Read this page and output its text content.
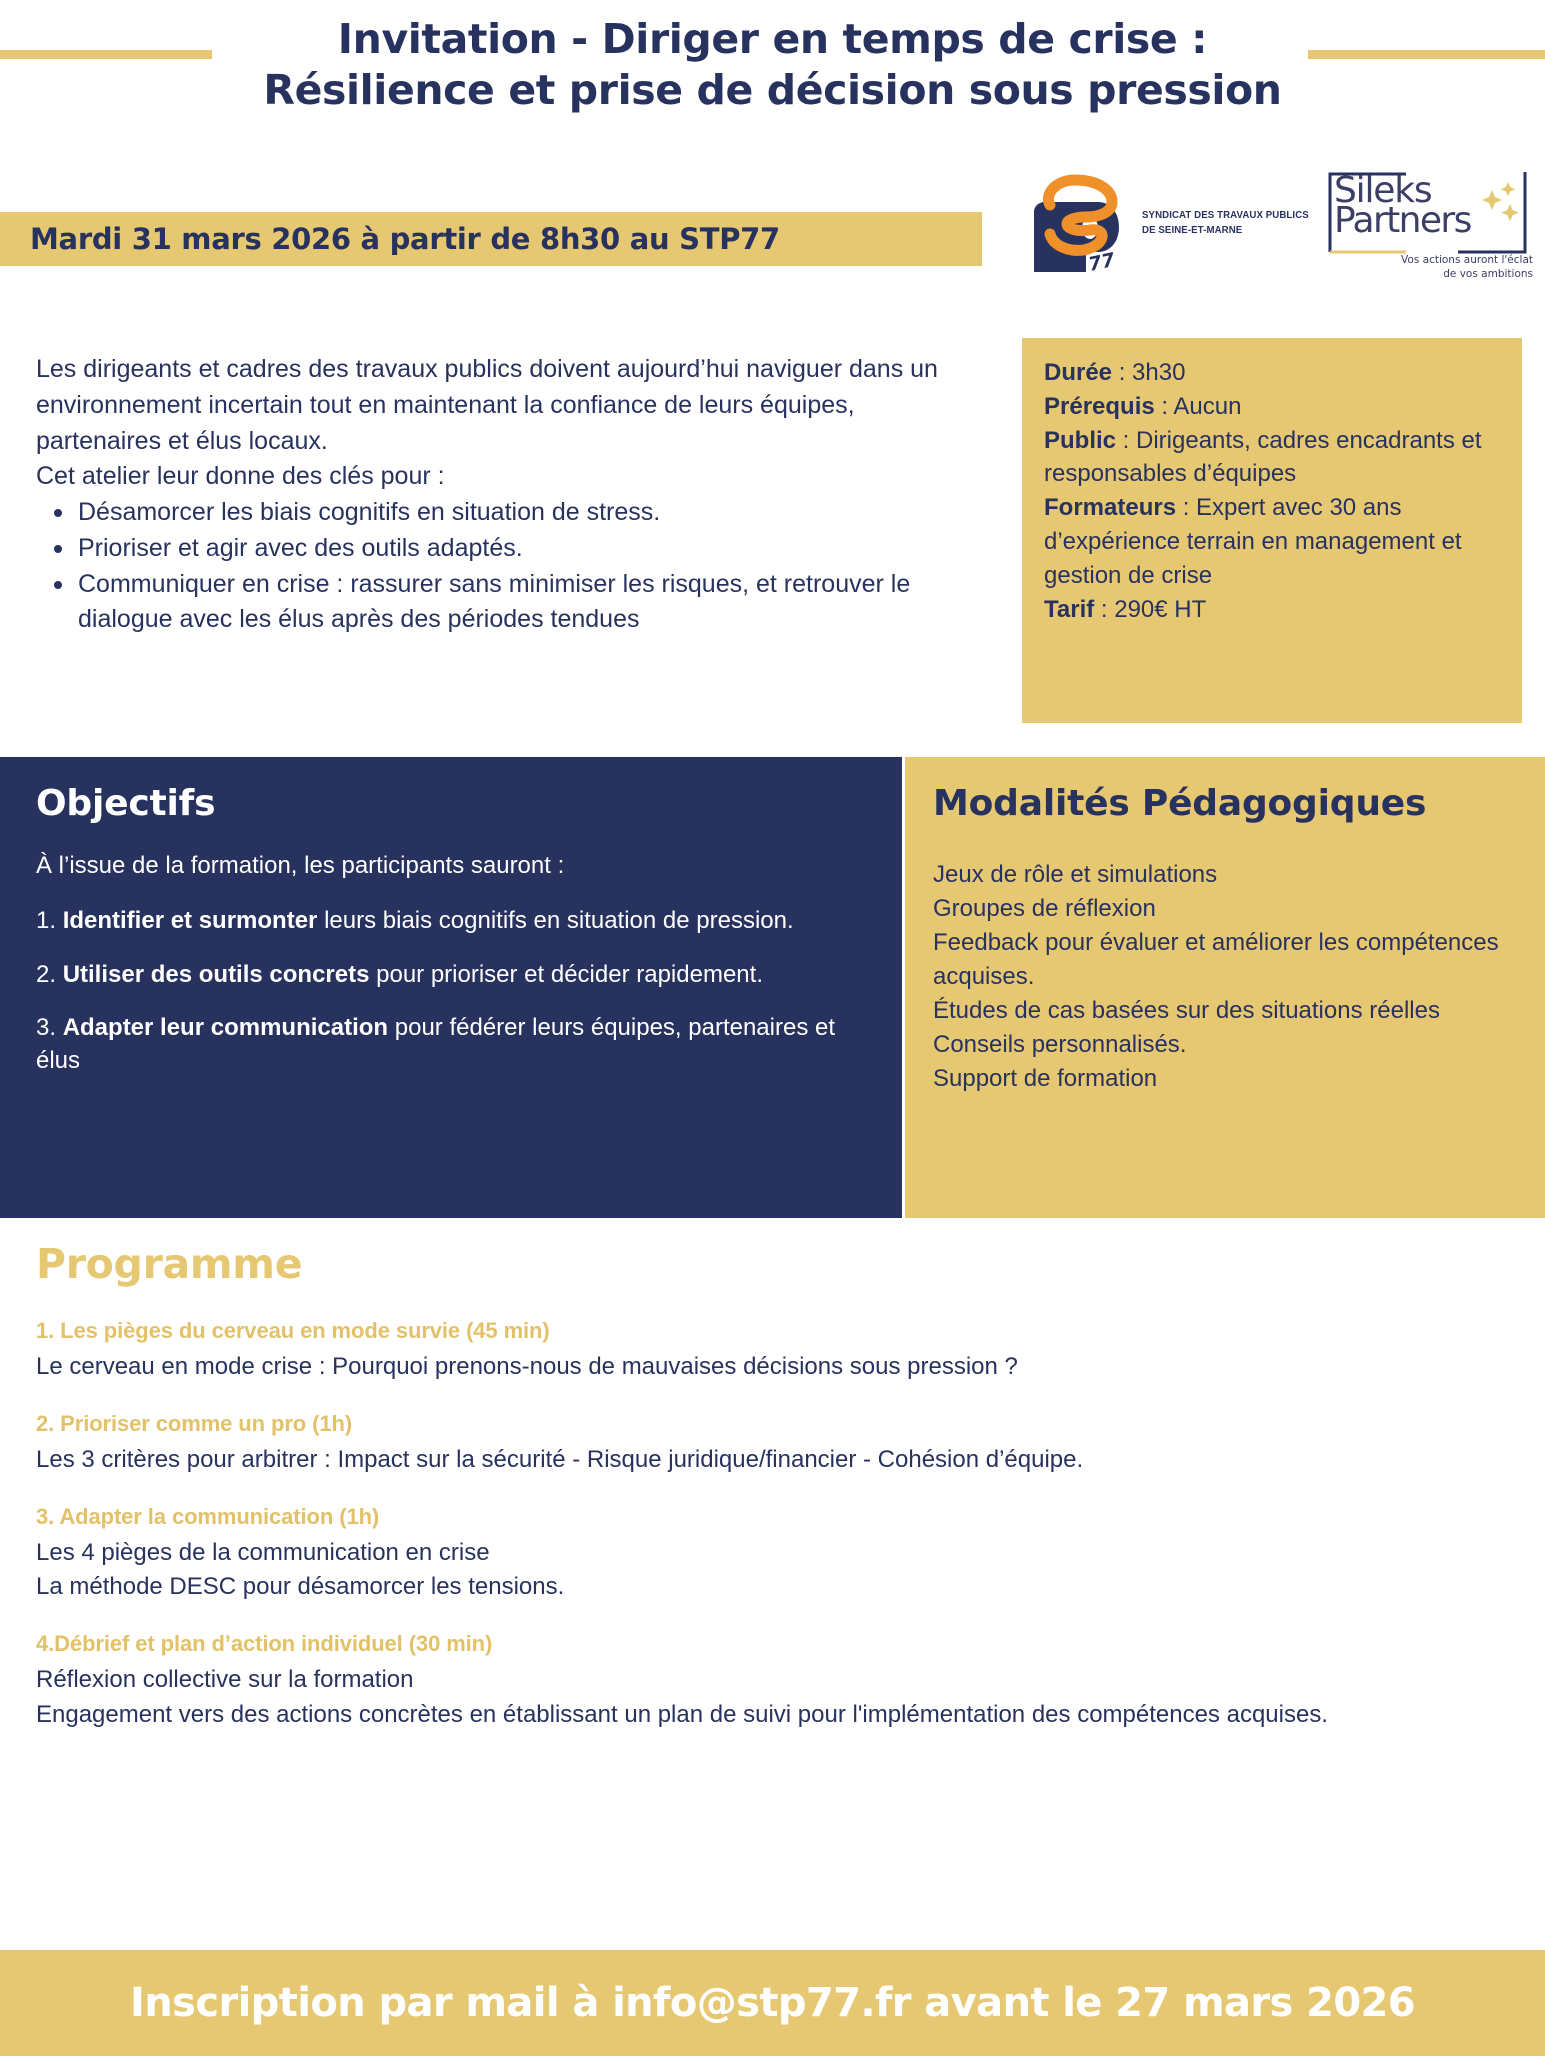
Invitation - Diriger en temps de crise :
Résilience et prise de décision sous pression
Mardi 31 mars 2026 à partir de 8h30 au STP77
77
SYNDICAT DES TRAVAUX PUBLICS
DE SEINE-ET-MARNE
Sileks
Partners
Vos actions auront l'éclat
de vos ambitions

Les dirigeants et cadres des travaux publics doivent aujourd’hui naviguer dans un environnement incertain tout en maintenant la confiance de leurs équipes, partenaires et élus locaux.

Cet atelier leur donne des clés pour :

Désamorcer les biais cognitifs en situation de stress.
Prioriser et agir avec des outils adaptés.
Communiquer en crise : rassurer sans minimiser les risques, et retrouver le dialogue avec les élus après des périodes tendues

Durée : 3h30

Prérequis : Aucun

Public : Dirigeants, cadres encadrants et responsables d’équipes

Formateurs : Expert avec 30 ans d’expérience terrain en management et gestion de crise

Tarif : 290€ HT

Objectifs

À l’issue de la formation, les participants sauront :

1. Identifier et surmonter leurs biais cognitifs en situation de pression.

2. Utiliser des outils concrets pour prioriser et décider rapidement.

3. Adapter leur communication pour fédérer leurs équipes, partenaires et élus

Modalités Pédagogiques

Jeux de rôle et simulations

Groupes de réflexion

Feedback pour évaluer et améliorer les compétences acquises.

Études de cas basées sur des situations réelles

Conseils personnalisés.

Support de formation

Programme

1. Les pièges du cerveau en mode survie (45 min)

Le cerveau en mode crise : Pourquoi prenons-nous de mauvaises décisions sous pression ?

2. Prioriser comme un pro (1h)

Les 3 critères pour arbitrer : Impact sur la sécurité - Risque juridique/financier - Cohésion d’équipe.

3. Adapter la communication (1h)

Les 4 pièges de la communication en crise

La méthode DESC pour désamorcer les tensions.

4.Débrief et plan d’action individuel (30 min)

Réflexion collective sur la formation

Engagement vers des actions concrètes en établissant un plan de suivi pour l'implémentation des compétences acquises.

Inscription par mail à info@stp77.fr avant le 27 mars 2026
